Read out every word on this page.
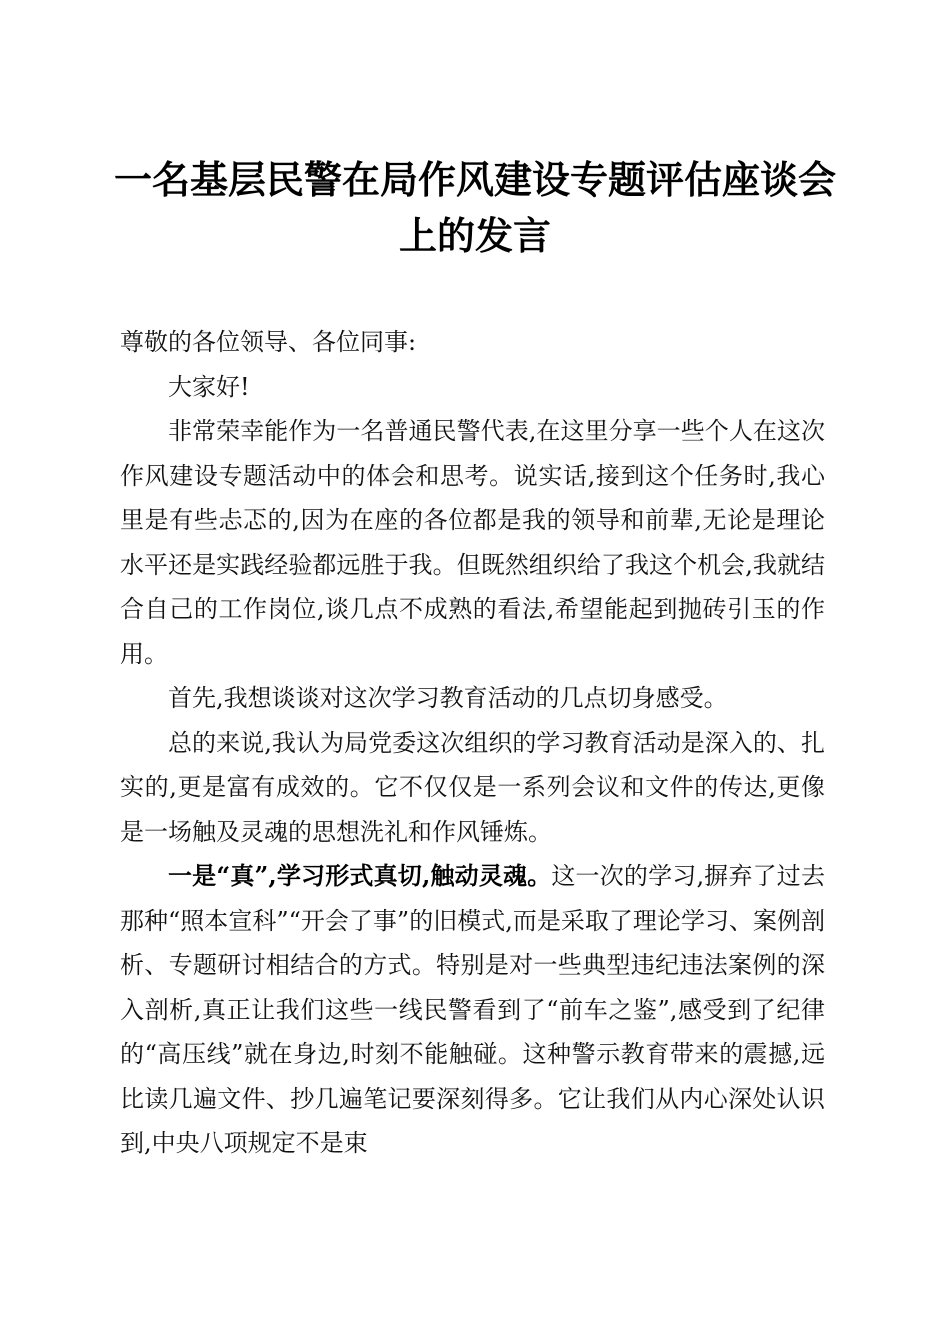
一名基层民警在局作风建设专题评估座谈会上的发言

尊敬的各位领导、各位同事:

大家好!

非常荣幸能作为一名普通民警代表,在这里分享一些个人在这次作风建设专题活动中的体会和思考。说实话,接到这个任务时,我心里是有些忐忑的,因为在座的各位都是我的领导和前辈,无论是理论水平还是实践经验都远胜于我。但既然组织给了我这个机会,我就结合自己的工作岗位,谈几点不成熟的看法,希望能起到抛砖引玉的作用。

首先,我想谈谈对这次学习教育活动的几点切身感受。

总的来说,我认为局党委这次组织的学习教育活动是深入的、扎实的,更是富有成效的。它不仅仅是一系列会议和文件的传达,更像是一场触及灵魂的思想洗礼和作风锤炼。

一是“真”,学习形式真切,触动灵魂。这一次的学习,摒弃了过去那种“照本宣科”“开会了事”的旧模式,而是采取了理论学习、案例剖析、专题研讨相结合的方式。特别是对一些典型违纪违法案例的深入剖析,真正让我们这些一线民警看到了“前车之鉴”,感受到了纪律的“高压线”就在身边,时刻不能触碰。这种警示教育带来的震撼,远比读几遍文件、抄几遍笔记要深刻得多。它让我们从内心深处认识到,中央八项规定不是束
